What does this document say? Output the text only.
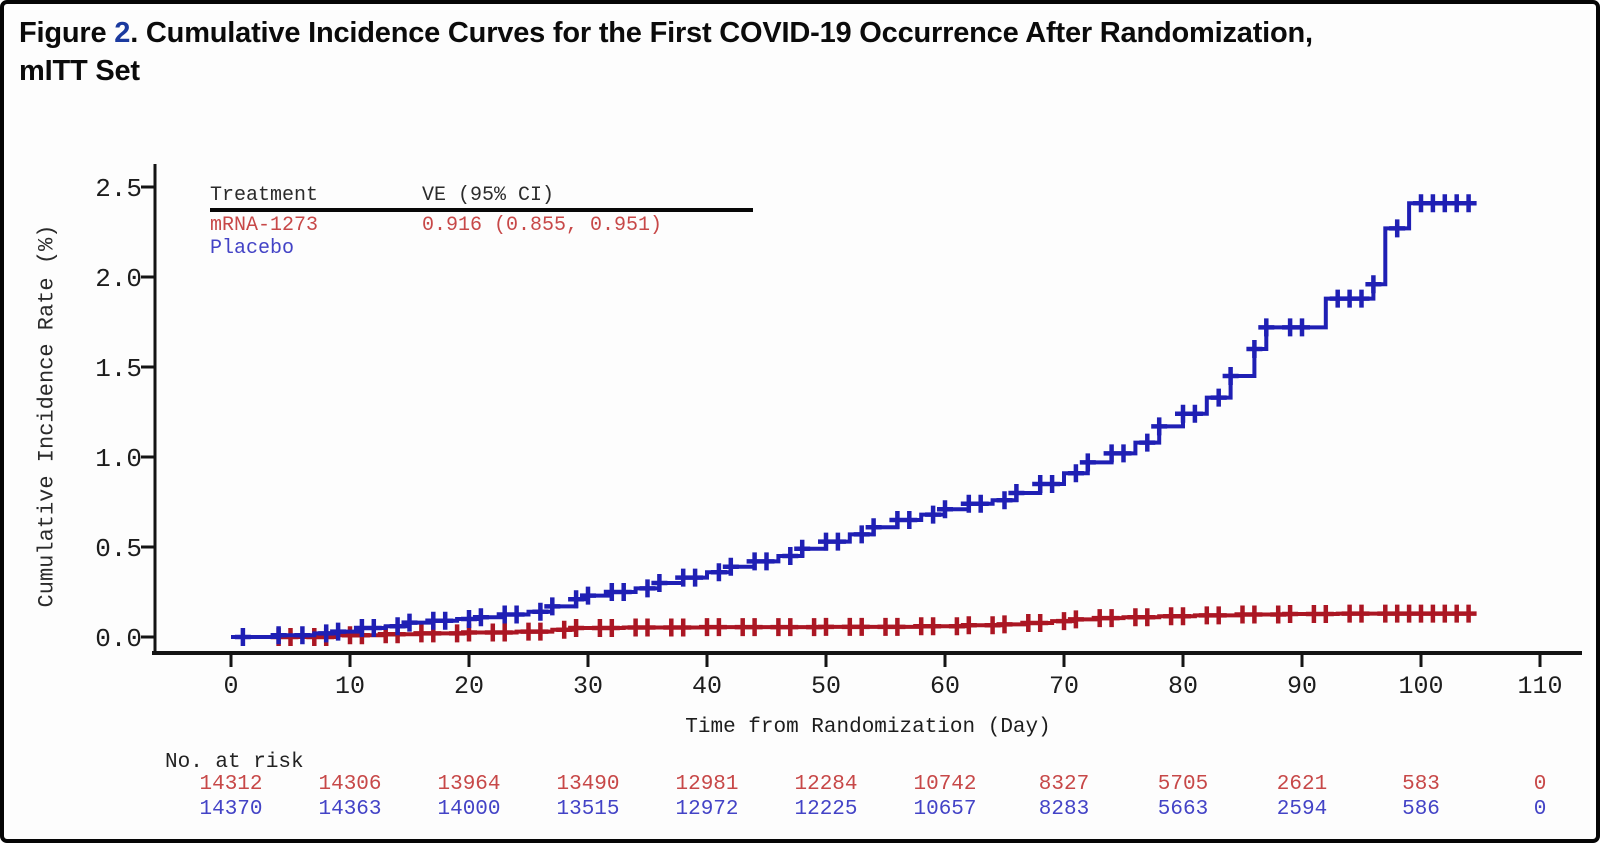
Figure 2. Cumulative Incidence Curves for the First COVID-19 Occurrence After Randomization,
mITT Set
0	10	20	30	40	50	60	70	80	90	100	110
0.0
0.5
1.0
1.5
2.0
2.5
Cumulative Incidence Rate (%)
Time from Randomization (Day)
Treatment	VE (95% CI)
mRNA-1273	0.916 (0.855, 0.951)
Placebo
No. at risk
14312	14306	13964	13490	12981	12284	10742	8327	5705	2621	583	0
14370	14363	14000	13515	12972	12225	10657	8283	5663	2594	586	0
